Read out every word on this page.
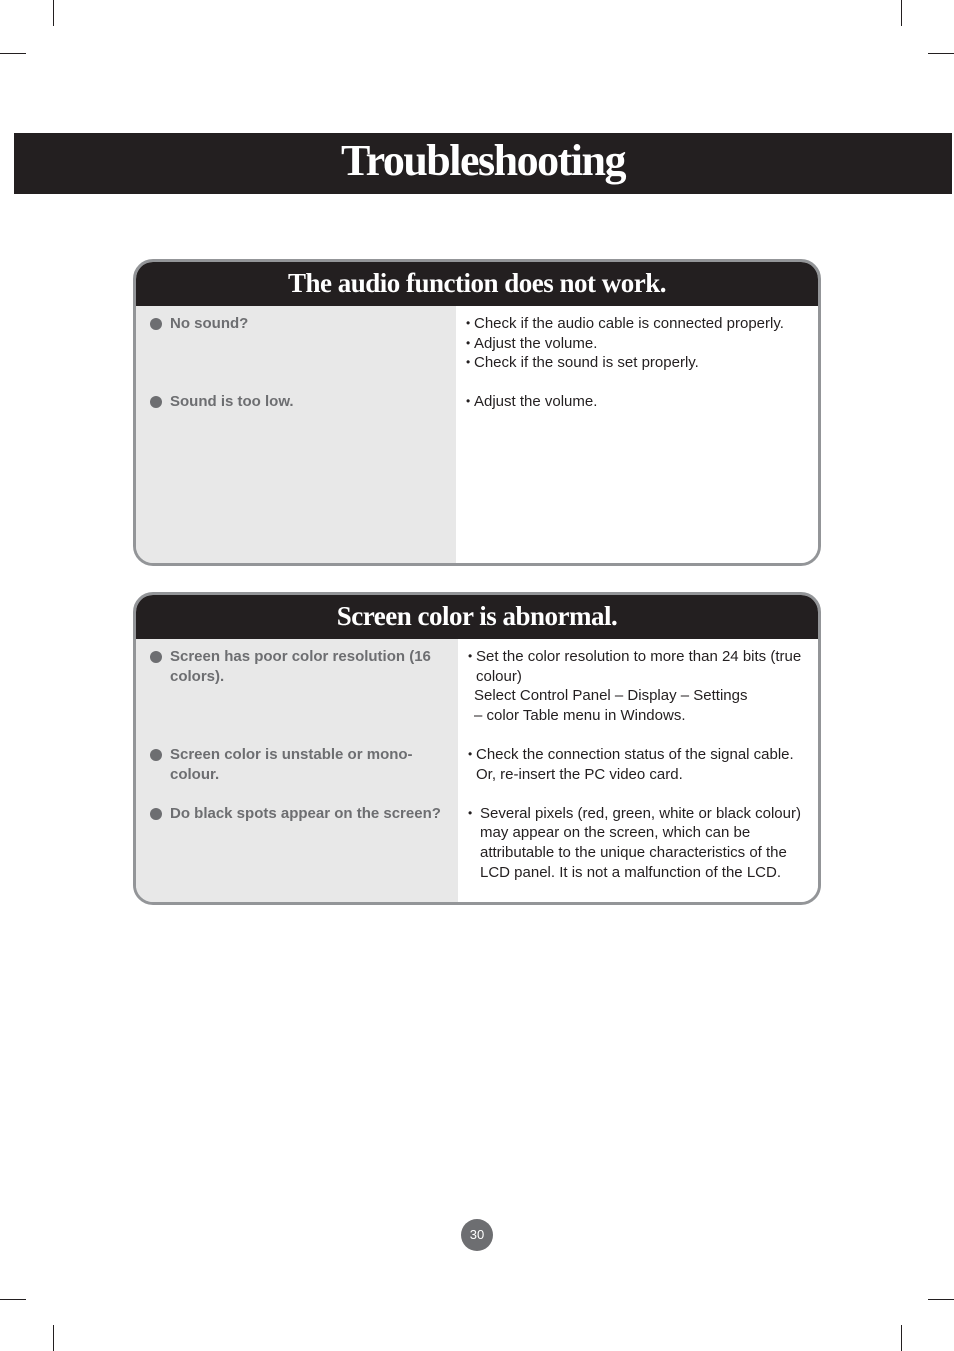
Troubleshooting
The audio function does not work.
No sound?
Sound is too low.
• Check if the audio cable is connected properly.
• Adjust the volume.
• Check if the sound is set properly.
• Adjust the volume.
Screen color is abnormal.
Screen has poor color resolution (16
colors).
Screen color is unstable or mono-
colour.
Do black spots appear on the screen?
• Set the color resolution to more than 24 bits (true
colour)
Select Control Panel – Display – Settings
– color Table menu in Windows.
• Check the connection status of the signal cable.
Or, re-insert the PC video card.
• Several pixels (red, green, white or black colour)
may appear on the screen, which can be
attributable to the unique characteristics of the
LCD panel. It is not a malfunction of the LCD.
30
